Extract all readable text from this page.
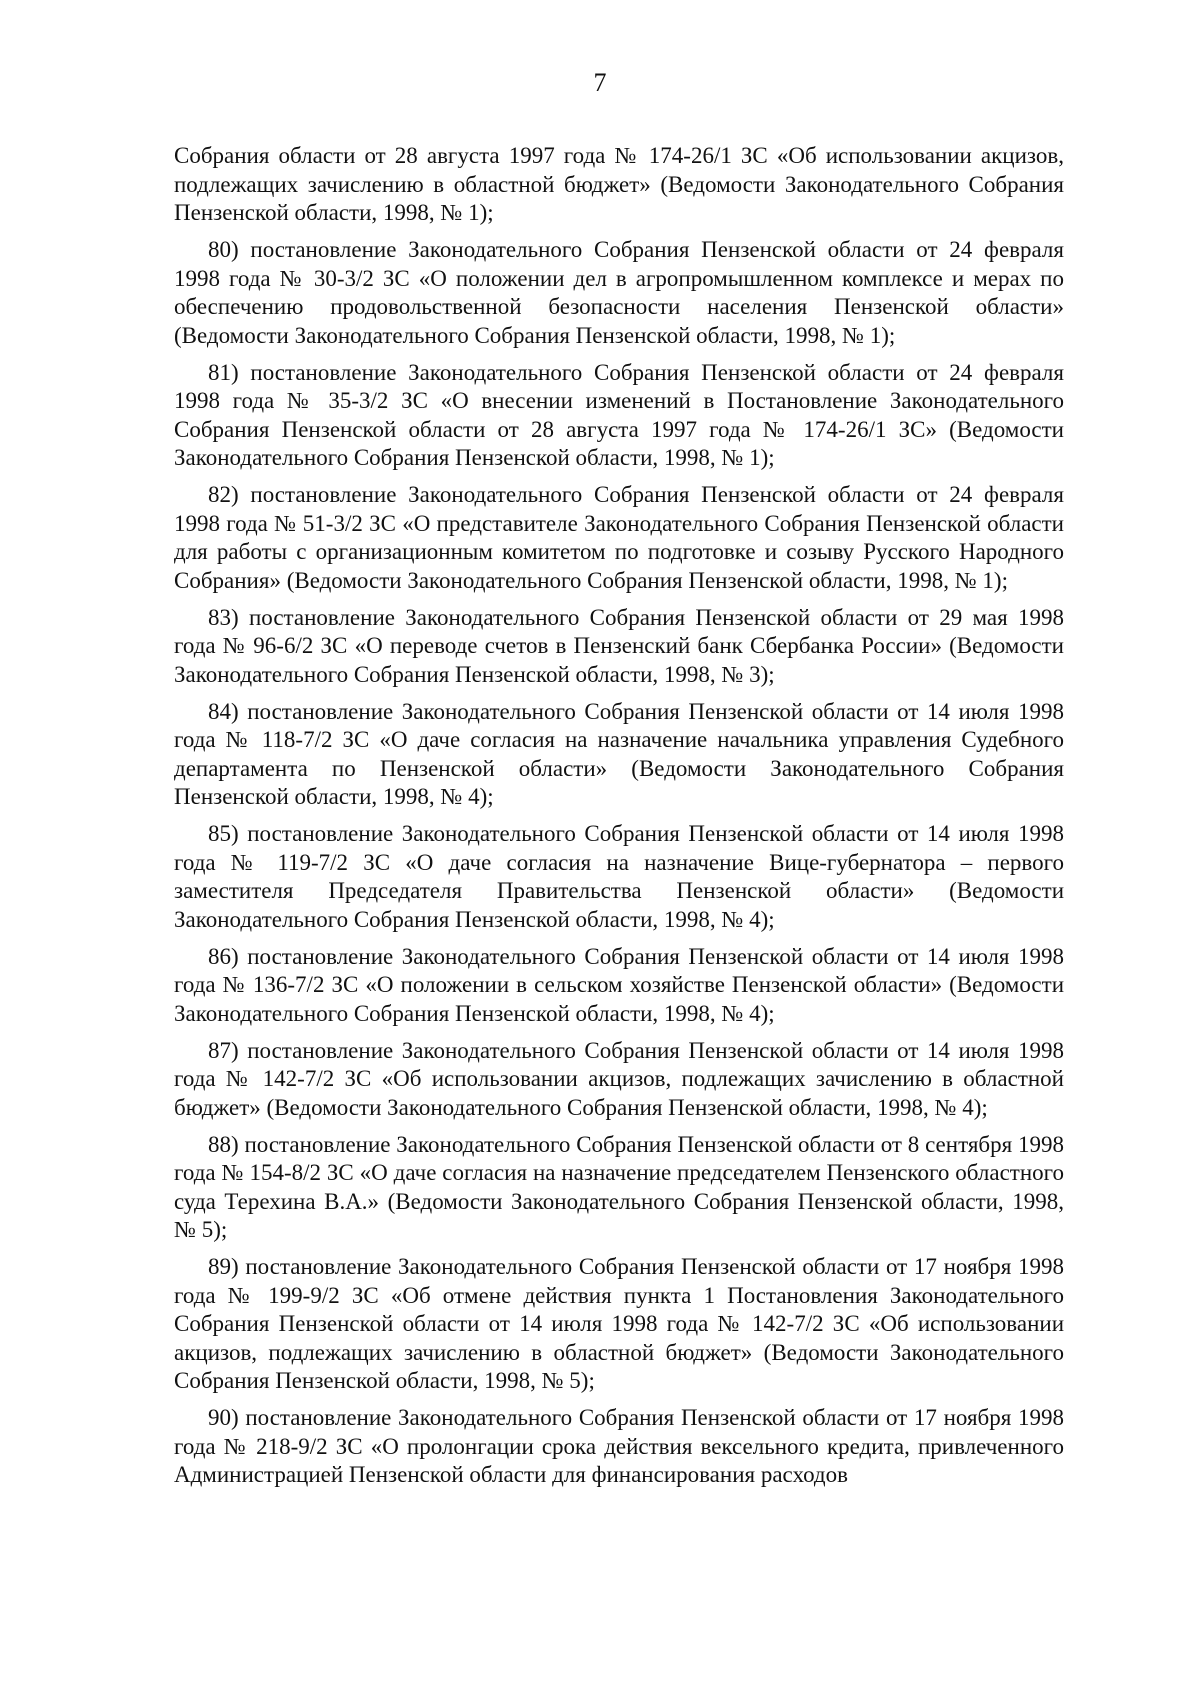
7

Собрания области от 28 августа 1997 года № 174-26/1 ЗС «Об использовании акцизов, подлежащих зачислению в областной бюджет» (Ведомости Законодательного Собрания Пензенской области, 1998, № 1);

80) постановление Законодательного Собрания Пензенской области от 24 февраля 1998 года № 30-3/2 ЗС «О положении дел в агропромышленном комплексе и мерах по обеспечению продовольственной безопасности населения Пензенской области» (Ведомости Законодательного Собрания Пензенской области, 1998, № 1);

81) постановление Законодательного Собрания Пензенской области от 24 февраля 1998 года № 35-3/2 ЗС «О внесении изменений в Постановление Законодательного Собрания Пензенской области от 28 августа 1997 года № 174-26/1 ЗС» (Ведомости Законодательного Собрания Пензенской области, 1998, № 1);

82) постановление Законодательного Собрания Пензенской области от 24 февраля 1998 года № 51-3/2 ЗС «О представителе Законодательного Собрания Пензенской области для работы с организационным комитетом по подготовке и созыву Русского Народного Собрания» (Ведомости Законодательного Собрания Пензенской области, 1998, № 1);

83) постановление Законодательного Собрания Пензенской области от 29 мая 1998 года № 96-6/2 ЗС «О переводе счетов в Пензенский банк Сбербанка России» (Ведомости Законодательного Собрания Пензенской области, 1998, № 3);

84) постановление Законодательного Собрания Пензенской области от 14 июля 1998 года № 118-7/2 ЗС «О даче согласия на назначение начальника управления Судебного департамента по Пензенской области» (Ведомости Законодательного Собрания Пензенской области, 1998, № 4);

85) постановление Законодательного Собрания Пензенской области от 14 июля 1998 года № 119-7/2 ЗС «О даче согласия на назначение Вице-губернатора – первого заместителя Председателя Правительства Пензенской области» (Ведомости Законодательного Собрания Пензенской области, 1998, № 4);

86) постановление Законодательного Собрания Пензенской области от 14 июля 1998 года № 136-7/2 ЗС «О положении в сельском хозяйстве Пензенской области» (Ведомости Законодательного Собрания Пензенской области, 1998, № 4);

87) постановление Законодательного Собрания Пензенской области от 14 июля 1998 года № 142-7/2 ЗС «Об использовании акцизов, подлежащих зачислению в областной бюджет» (Ведомости Законодательного Собрания Пензенской области, 1998, № 4);

88) постановление Законодательного Собрания Пензенской области от 8 сентября 1998 года № 154-8/2 ЗС «О даче согласия на назначение председателем Пензенского областного суда Терехина В.А.» (Ведомости Законодательного Собрания Пензенской области, 1998, № 5);

89) постановление Законодательного Собрания Пензенской области от 17 ноября 1998 года № 199-9/2 ЗС «Об отмене действия пункта 1 Постановления Законодательного Собрания Пензенской области от 14 июля 1998 года № 142-7/2 ЗС «Об использовании акцизов, подлежащих зачислению в областной бюджет» (Ведомости Законодательного Собрания Пензенской области, 1998, № 5);

90) постановление Законодательного Собрания Пензенской области от 17 ноября 1998 года № 218-9/2 ЗС «О пролонгации срока действия вексельного кредита, привлеченного Администрацией Пензенской области для финансирования расходов
